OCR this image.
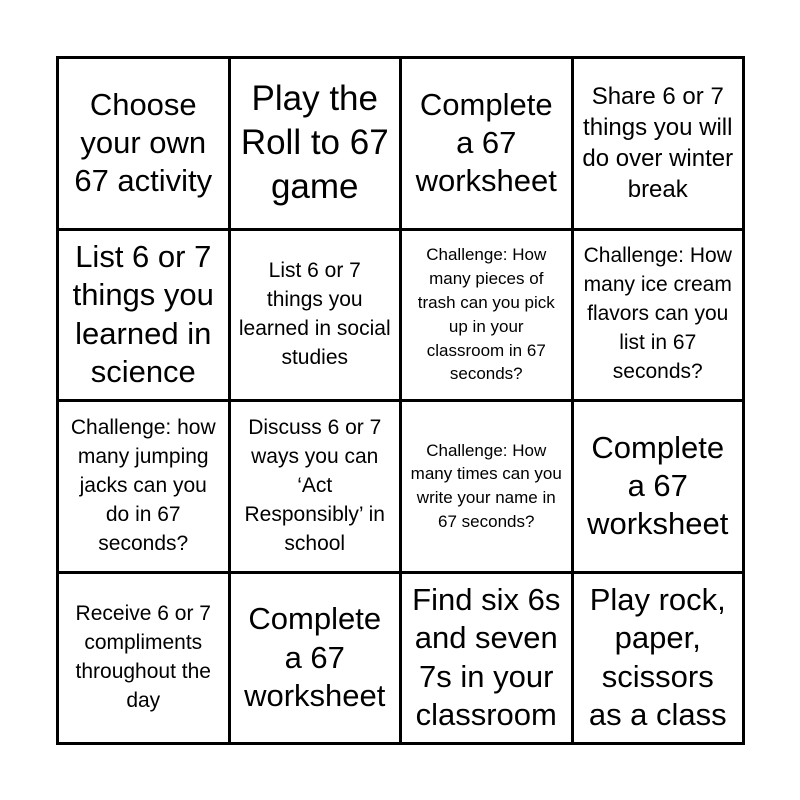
Choose your own 67 activity
Play the Roll to 67 game
Complete a 67 worksheet
Share 6 or 7 things you will do over winter break
List 6 or 7 things you learned in science
List 6 or 7 things you learned in social studies
Challenge: How many pieces of trash can you pick up in your classroom in 67 seconds?
Challenge: How many ice cream flavors can you list in 67 seconds?
Challenge: how many jumping jacks can you do in 67 seconds?
Discuss 6 or 7 ways you can ‘Act Responsibly’ in school
Challenge: How many times can you write your name in 67 seconds?
Complete a 67 worksheet
Receive 6 or 7 compliments throughout the day
Complete a 67 worksheet
Find six 6s and seven 7s in your classroom
Play rock, paper, scissors as a class
